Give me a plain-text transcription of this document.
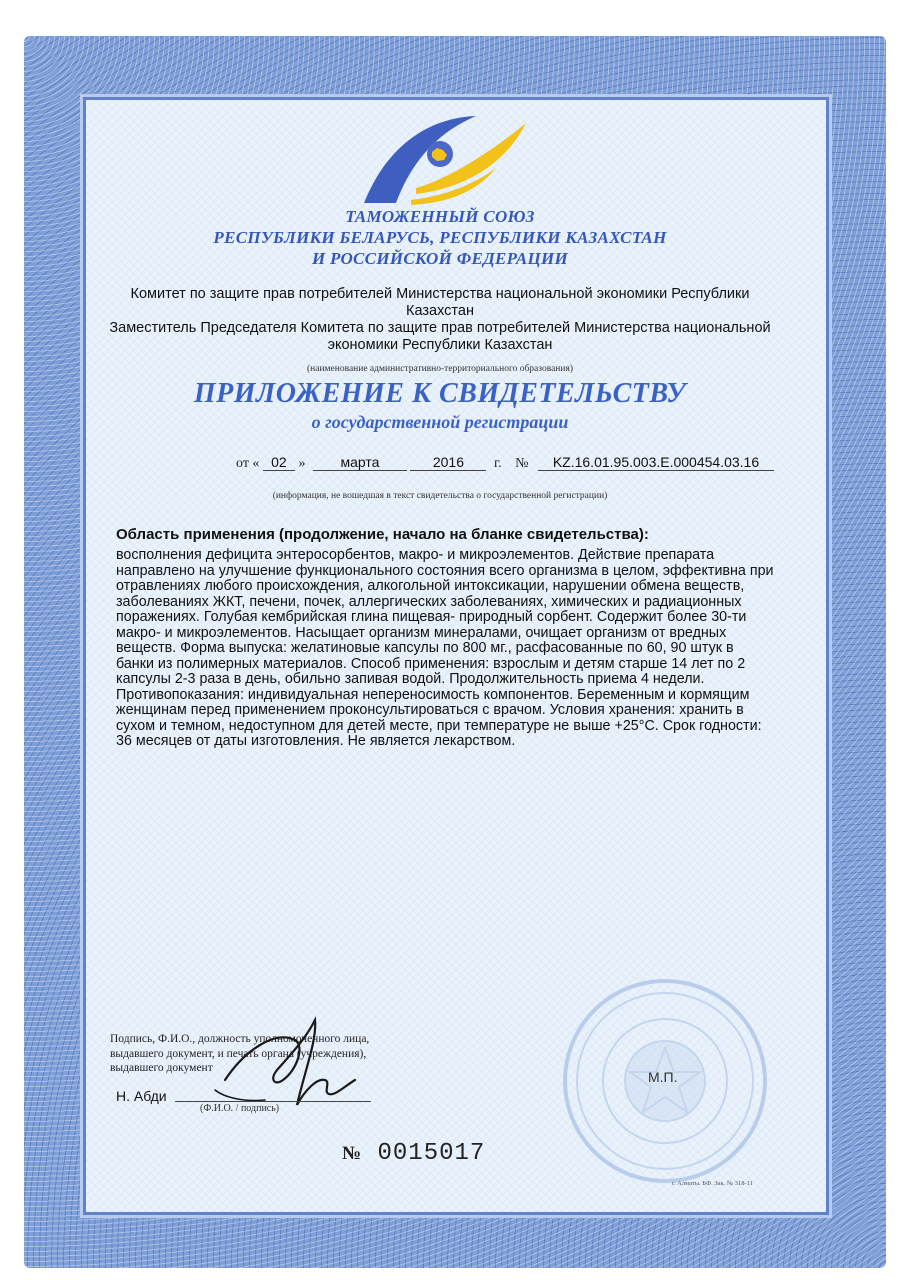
ТАМОЖЕННЫЙ СОЮЗ
РЕСПУБЛИКИ БЕЛАРУСЬ, РЕСПУБЛИКИ КАЗАХСТАН
И РОССИЙСКОЙ ФЕДЕРАЦИИ
Комитет по защите прав потребителей Министерства национальной экономики Республики
Казахстан
Заместитель Председателя Комитета по защите прав потребителей Министерства национальной
экономики Республики Казахстан
(наименование административно-территориального образования)
ПРИЛОЖЕНИЕ К СВИДЕТЕЛЬСТВУ
о государственной регистрации
от « 02 »	марта	2016 г. № KZ.16.01.95.003.E.000454.03.16
(информация, не вошедшая в текст свидетельства о государственной регистрации)
Область применения (продолжение, начало на бланке свидетельства):
восполнения дефицита энтеросорбентов, макро- и микроэлементов. Действие препарата
направлено на улучшение функционального состояния всего организма в целом, эффективна при
отравлениях любого происхождения, алкогольной интоксикации, нарушении обмена веществ,
заболеваниях ЖКТ, печени, почек, аллергических заболеваниях, химических и радиационных
поражениях. Голубая кембрийская глина пищевая- природный сорбент. Содержит более 30-ти
макро- и микроэлементов. Насыщает организм минералами, очищает организм от вредных
веществ. Форма выпуска: желатиновые капсулы по 800 мг., расфасованные по 60, 90 штук в
банки из полимерных материалов. Способ применения: взрослым и детям старше 14 лет по 2
капсулы 2-3 раза в день, обильно запивая водой. Продолжительность приема 4 недели.
Противопоказания: индивидуальная непереносимость компонентов. Беременным и кормящим
женщинам перед применением проконсультироваться с врачом. Условия хранения: хранить в
сухом и темном, недоступном для детей месте, при температуре не выше +25°С. Срок годности:
36 месяцев от даты изготовления. Не является лекарством.
Подпись, Ф.И.О., должность уполномоченного лица,
выдавшего документ, и печать органа (учреждения),
выдавшего документ
Н. Абди
(Ф.И.О. / подпись)
М.П.
№ 0015017
г. Алматы. БФ. Зак. № 318-11
